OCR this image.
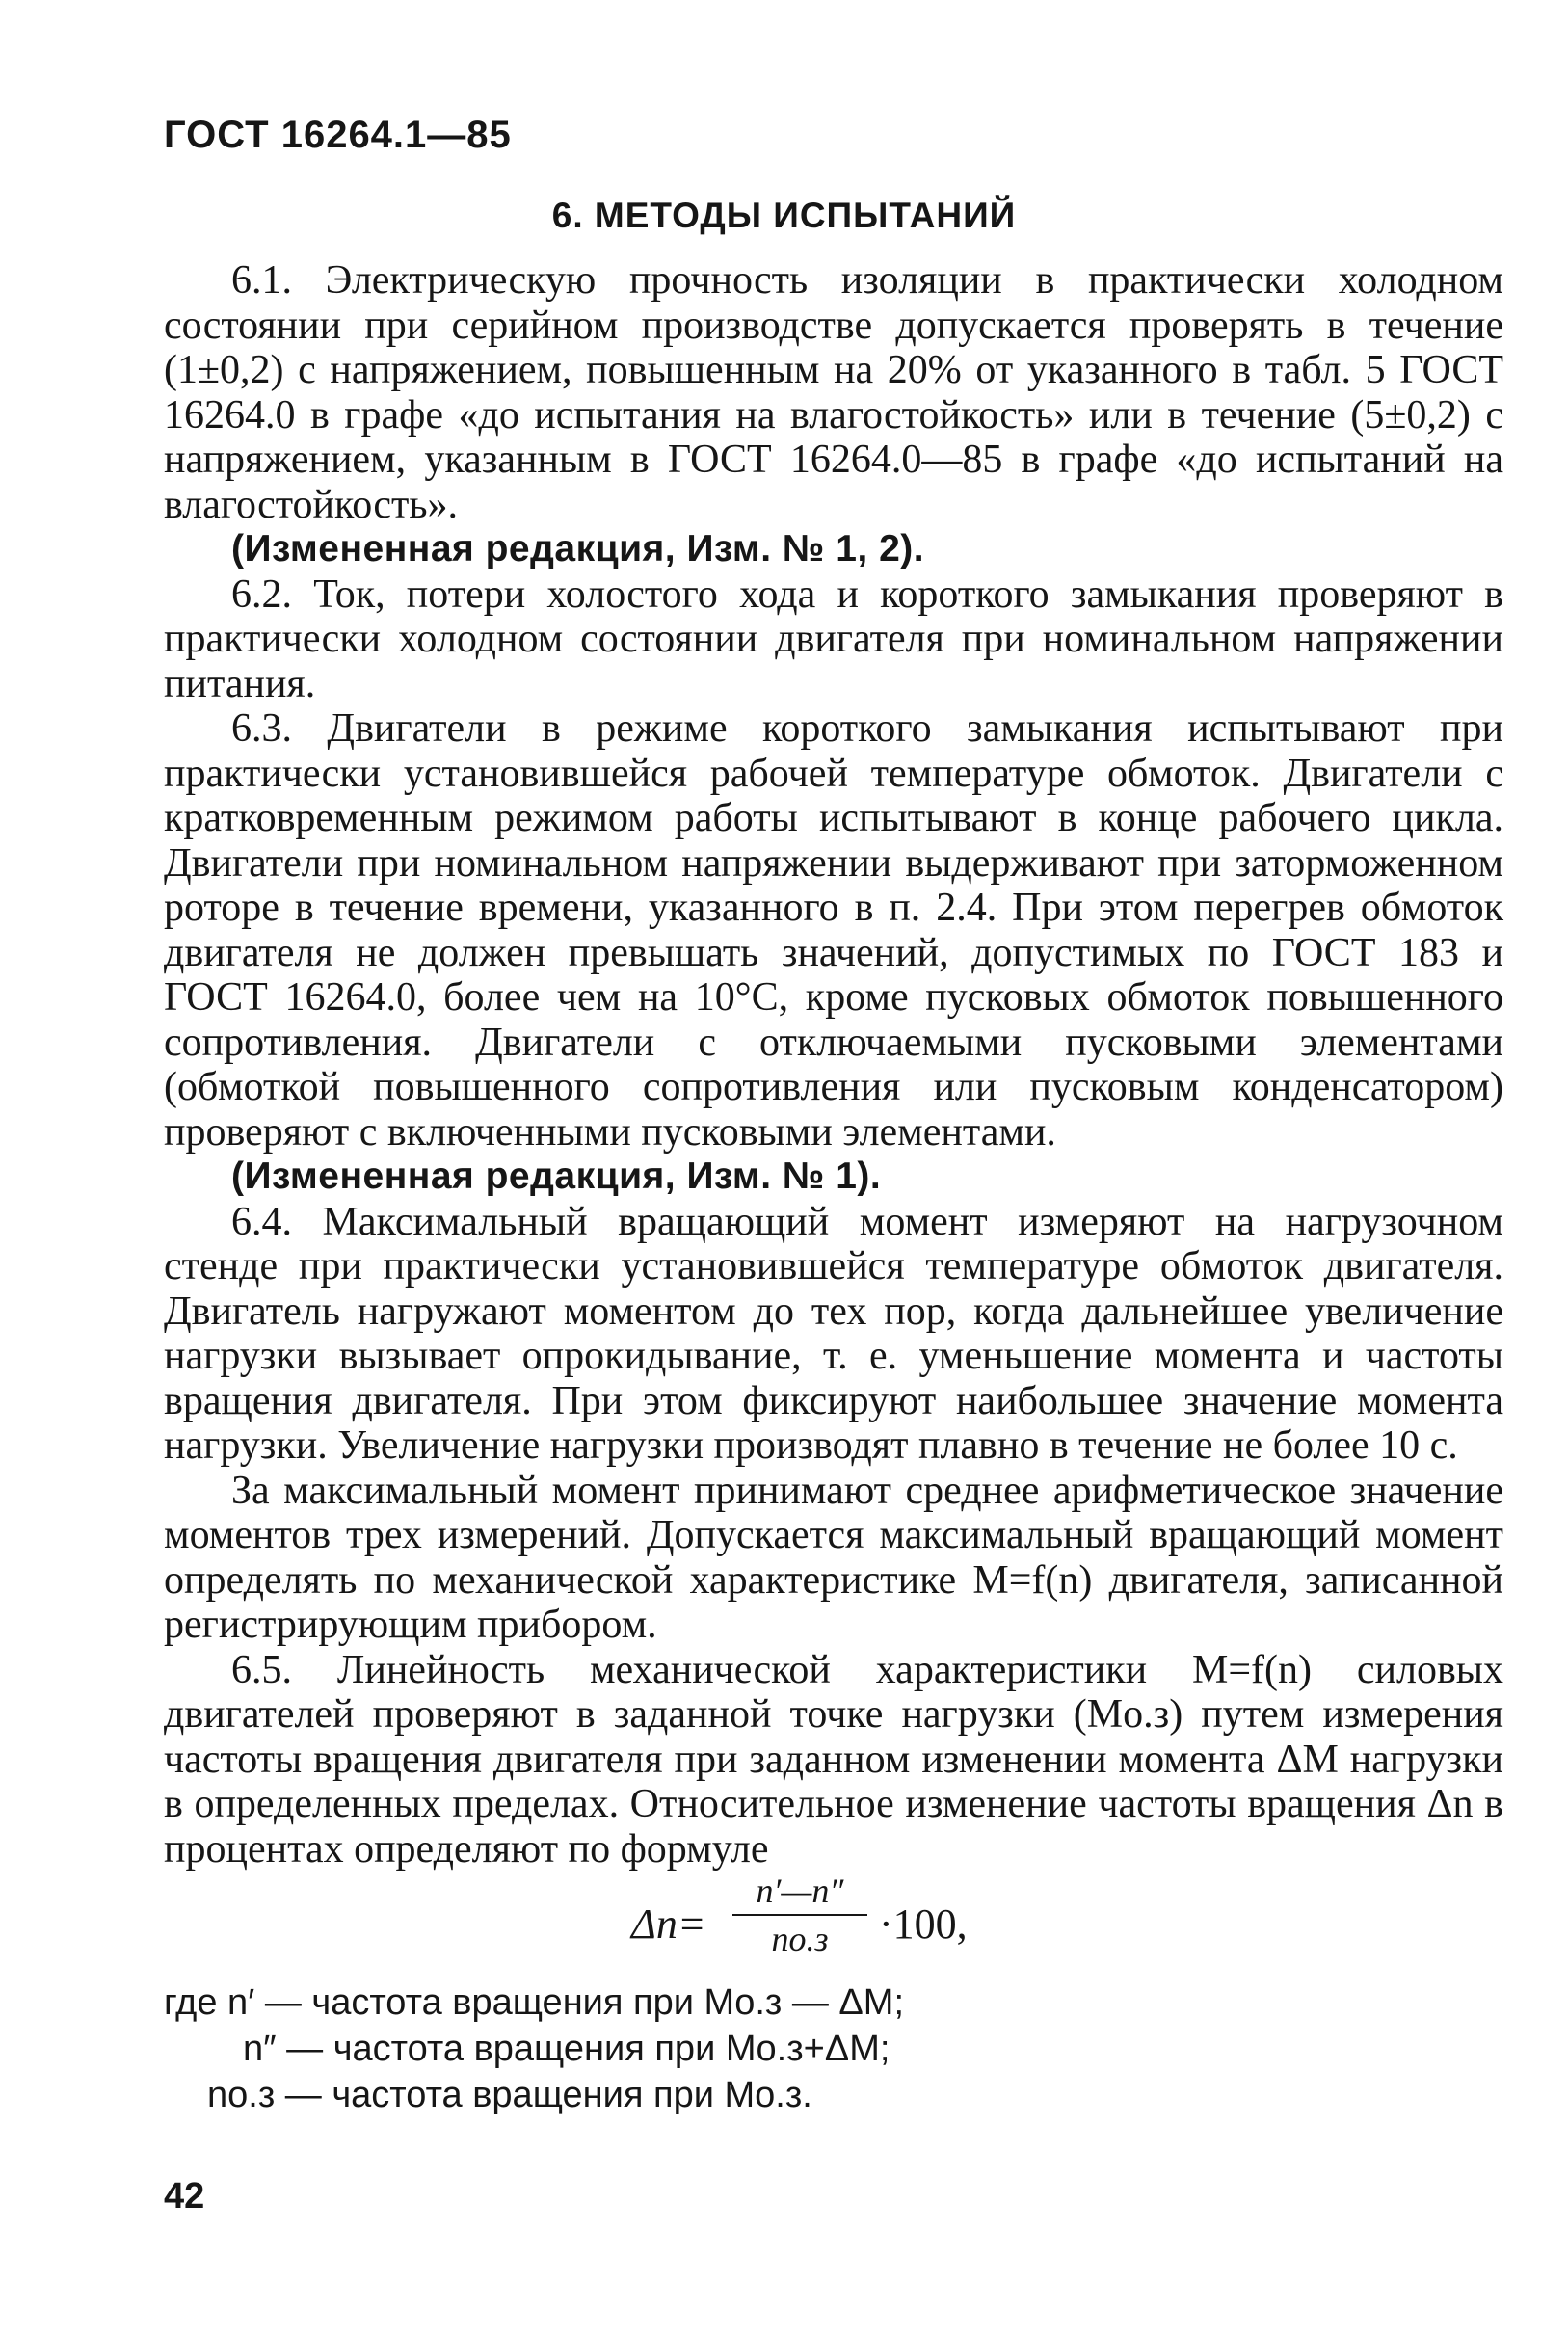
ГОСТ 16264.1—85
6. МЕТОДЫ ИСПЫТАНИЙ

6.1. Электрическую прочность изоляции в практически холодном состоянии при серийном производстве допускается проверять в течение (1±0,2) с напряжением, повышенным на 20% от указанного в табл. 5 ГОСТ 16264.0 в графе «до испытания на влагостойкость» или в течение (5±0,2) с напряжением, указанным в ГОСТ 16264.0—85 в графе «до испытаний на влагостойкость».

(Измененная редакция, Изм. № 1, 2).

6.2. Ток, потери холостого хода и короткого замыкания проверяют в практически холодном состоянии двигателя при номинальном напряжении питания.

6.3. Двигатели в режиме короткого замыкания испытывают при практически установившейся рабочей температуре обмоток. Двигатели с кратковременным режимом работы испытывают в конце рабочего цикла. Двигатели при номинальном напряжении выдерживают при заторможенном роторе в течение времени, указанного в п. 2.4. При этом перегрев обмоток двигателя не должен превышать значений, допустимых по ГОСТ 183 и ГОСТ 16264.0, более чем на 10°С, кроме пусковых обмоток повышенного сопротивления. Двигатели с отключаемыми пусковыми элементами (обмоткой повышенного сопротивления или пусковым конденсатором) проверяют с включенными пусковыми элементами.

(Измененная редакция, Изм. № 1).

6.4. Максимальный вращающий момент измеряют на нагрузочном стенде при практически установившейся температуре обмоток двигателя. Двигатель нагружают моментом до тех пор, когда дальнейшее увеличение нагрузки вызывает опрокидывание, т. е. уменьшение момента и частоты вращения двигателя. При этом фиксируют наибольшее значение момента нагрузки. Увеличение нагрузки производят плавно в течение не более 10 с.

За максимальный момент принимают среднее арифметическое значение моментов трех измерений. Допускается максимальный вращающий момент определять по механической характеристике M=f(n) двигателя, записанной регистрирующим прибором.

6.5. Линейность механической характеристики M=f(n) силовых двигателей проверяют в заданной точке нагрузки (Mо.з) путем измерения частоты вращения двигателя при заданном изменении момента ΔM нагрузки в определенных пределах. Относительное изменение частоты вращения Δn в процентах определяют по формуле

Δn=
n′—n″
nо.з	·100,
где n′ — частота вращения при Mо.з — ΔM;
n″ — частота вращения при Mо.з+ΔM;
nо.з — частота вращения при Mо.з.
42
